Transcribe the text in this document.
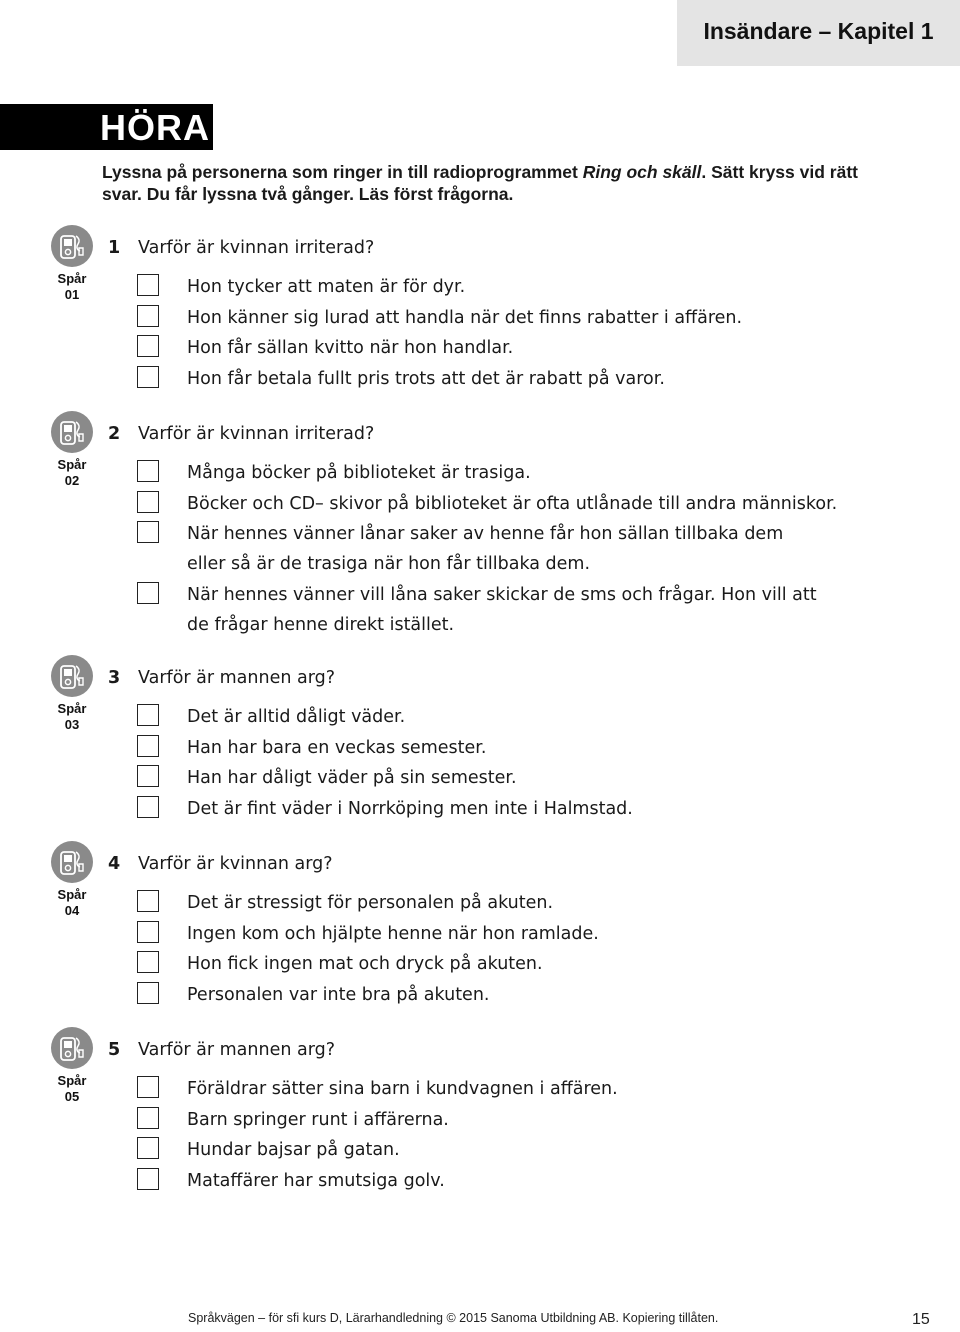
Insändare – Kapitel 1
HÖRA
Lyssna på personerna som ringer in till radioprogrammet Ring och skäll. Sätt kryss vid rätt svar. Du får lyssna två gånger. Läs först frågorna.
Spår
01
1 Varför är kvinnan irriterad?
Hon tycker att maten är för dyr.
Hon känner sig lurad att handla när det finns rabatter i affären.
Hon får sällan kvitto när hon handlar.
Hon får betala fullt pris trots att det är rabatt på varor.
Spår
02
2 Varför är kvinnan irriterad?
Många böcker på biblioteket är trasiga.
Böcker och CD– skivor på biblioteket är ofta utlånade till andra människor.
När hennes vänner lånar saker av henne får hon sällan tillbaka dem
eller så är de trasiga när hon får tillbaka dem.
När hennes vänner vill låna saker skickar de sms och frågar. Hon vill att
de frågar henne direkt istället.
Spår
03
3 Varför är mannen arg?
Det är alltid dåligt väder.
Han har bara en veckas semester.
Han har dåligt väder på sin semester.
Det är fint väder i Norrköping men inte i Halmstad.
Spår
04
4 Varför är kvinnan arg?
Det är stressigt för personalen på akuten.
Ingen kom och hjälpte henne när hon ramlade.
Hon fick ingen mat och dryck på akuten.
Personalen var inte bra på akuten.
Spår
05
5 Varför är mannen arg?
Föräldrar sätter sina barn i kundvagnen i affären.
Barn springer runt i affärerna.
Hundar bajsar på gatan.
Mataffärer har smutsiga golv.
Språkvägen – för sfi kurs D, Lärarhandledning © 2015 Sanoma Utbildning AB. Kopiering tillåten.	15
